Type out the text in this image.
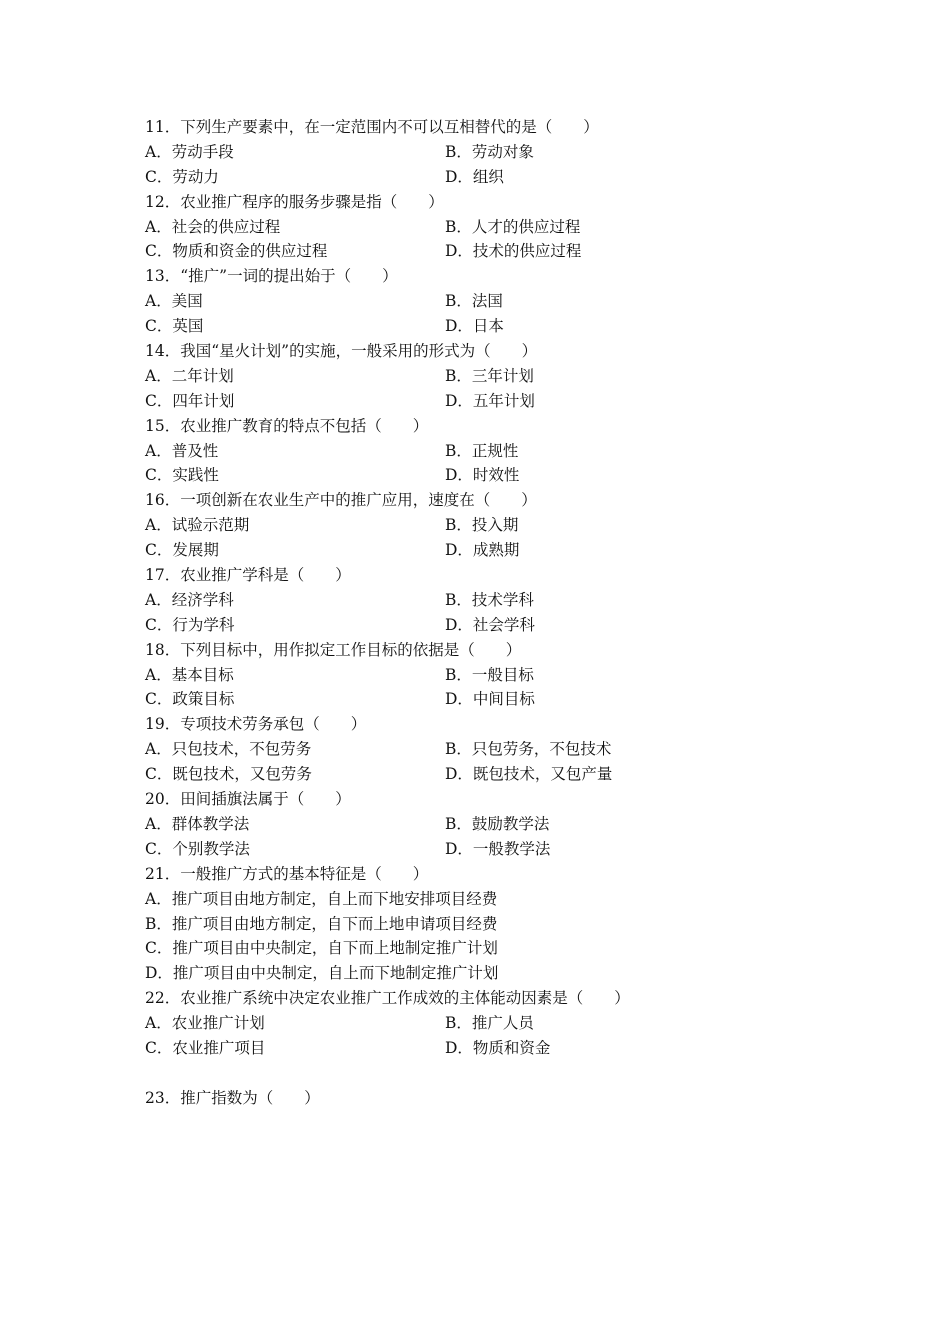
11．下列生产要素中，在一定范围内不可以互相替代的是（　　）
A．劳动手段	B．劳动对象
C．劳动力	D．组织
12．农业推广程序的服务步骤是指（　　）
A．社会的供应过程	B．人才的供应过程
C．物质和资金的供应过程	D．技术的供应过程
13．“推广”一词的提出始于（　　）
A．美国	B．法国
C．英国	D．日本
14．我国“星火计划”的实施，一般采用的形式为（　　）
A．二年计划	B．三年计划
C．四年计划	D．五年计划
15．农业推广教育的特点不包括（　　）
A．普及性	B．正规性
C．实践性	D．时效性
16．一项创新在农业生产中的推广应用，速度在（　　）
A．试验示范期	B．投入期
C．发展期	D．成熟期
17．农业推广学科是（　　）
A．经济学科	B．技术学科
C．行为学科	D．社会学科
18．下列目标中，用作拟定工作目标的依据是（　　）
A．基本目标	B．一般目标
C．政策目标	D．中间目标
19．专项技术劳务承包（　　）
A．只包技术，不包劳务	B．只包劳务，不包技术
C．既包技术，又包劳务	D．既包技术，又包产量
20．田间插旗法属于（　　）
A．群体教学法	B．鼓励教学法
C．个别教学法	D．一般教学法
21．一般推广方式的基本特征是（　　）
A．推广项目由地方制定，自上而下地安排项目经费
B．推广项目由地方制定，自下而上地申请项目经费
C．推广项目由中央制定，自下而上地制定推广计划
D．推广项目由中央制定，自上而下地制定推广计划
22．农业推广系统中决定农业推广工作成效的主体能动因素是（　　）
A．农业推广计划	B．推广人员
C．农业推广项目	D．物质和资金
23．推广指数为（　　）
